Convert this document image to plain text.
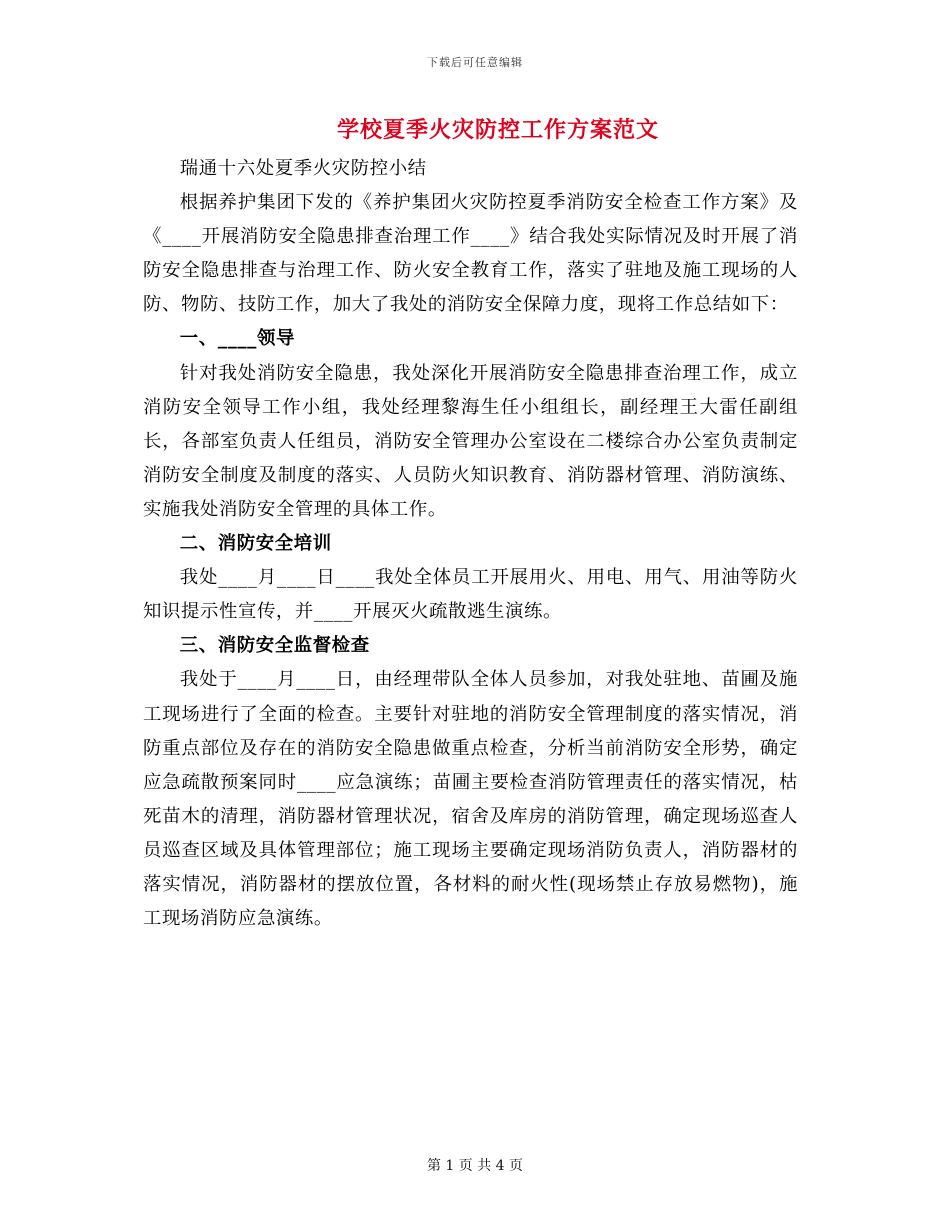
下载后可任意编辑
学校夏季火灾防控工作方案范文

瑞通十六处夏季火灾防控小结

根据养护集团下发的《养护集团火灾防控夏季消防安全检查工作方案》及《____开展消防安全隐患排查治理工作____》结合我处实际情况及时开展了消防安全隐患排查与治理工作、防火安全教育工作，落实了驻地及施工现场的人防、物防、技防工作，加大了我处的消防安全保障力度，现将工作总结如下：

一、____领导

针对我处消防安全隐患，我处深化开展消防安全隐患排查治理工作，成立消防安全领导工作小组，我处经理黎海生任小组组长，副经理王大雷任副组长，各部室负责人任组员，消防安全管理办公室设在二楼综合办公室负责制定消防安全制度及制度的落实、人员防火知识教育、消防器材管理、消防演练、实施我处消防安全管理的具体工作。

二、消防安全培训

我处____月____日____我处全体员工开展用火、用电、用气、用油等防火知识提示性宣传，并____开展灭火疏散逃生演练。

三、消防安全监督检查

我处于____月____日，由经理带队全体人员参加，对我处驻地、苗圃及施工现场进行了全面的检查。主要针对驻地的消防安全管理制度的落实情况，消防重点部位及存在的消防安全隐患做重点检查，分析当前消防安全形势，确定应急疏散预案同时____应急演练；苗圃主要检查消防管理责任的落实情况，枯死苗木的清理，消防器材管理状况，宿舍及库房的消防管理，确定现场巡查人员巡查区域及具体管理部位；施工现场主要确定现场消防负责人，消防器材的落实情况，消防器材的摆放位置，各材料的耐火性(现场禁止存放易燃物)，施工现场消防应急演练。

第 1 页 共 4 页
